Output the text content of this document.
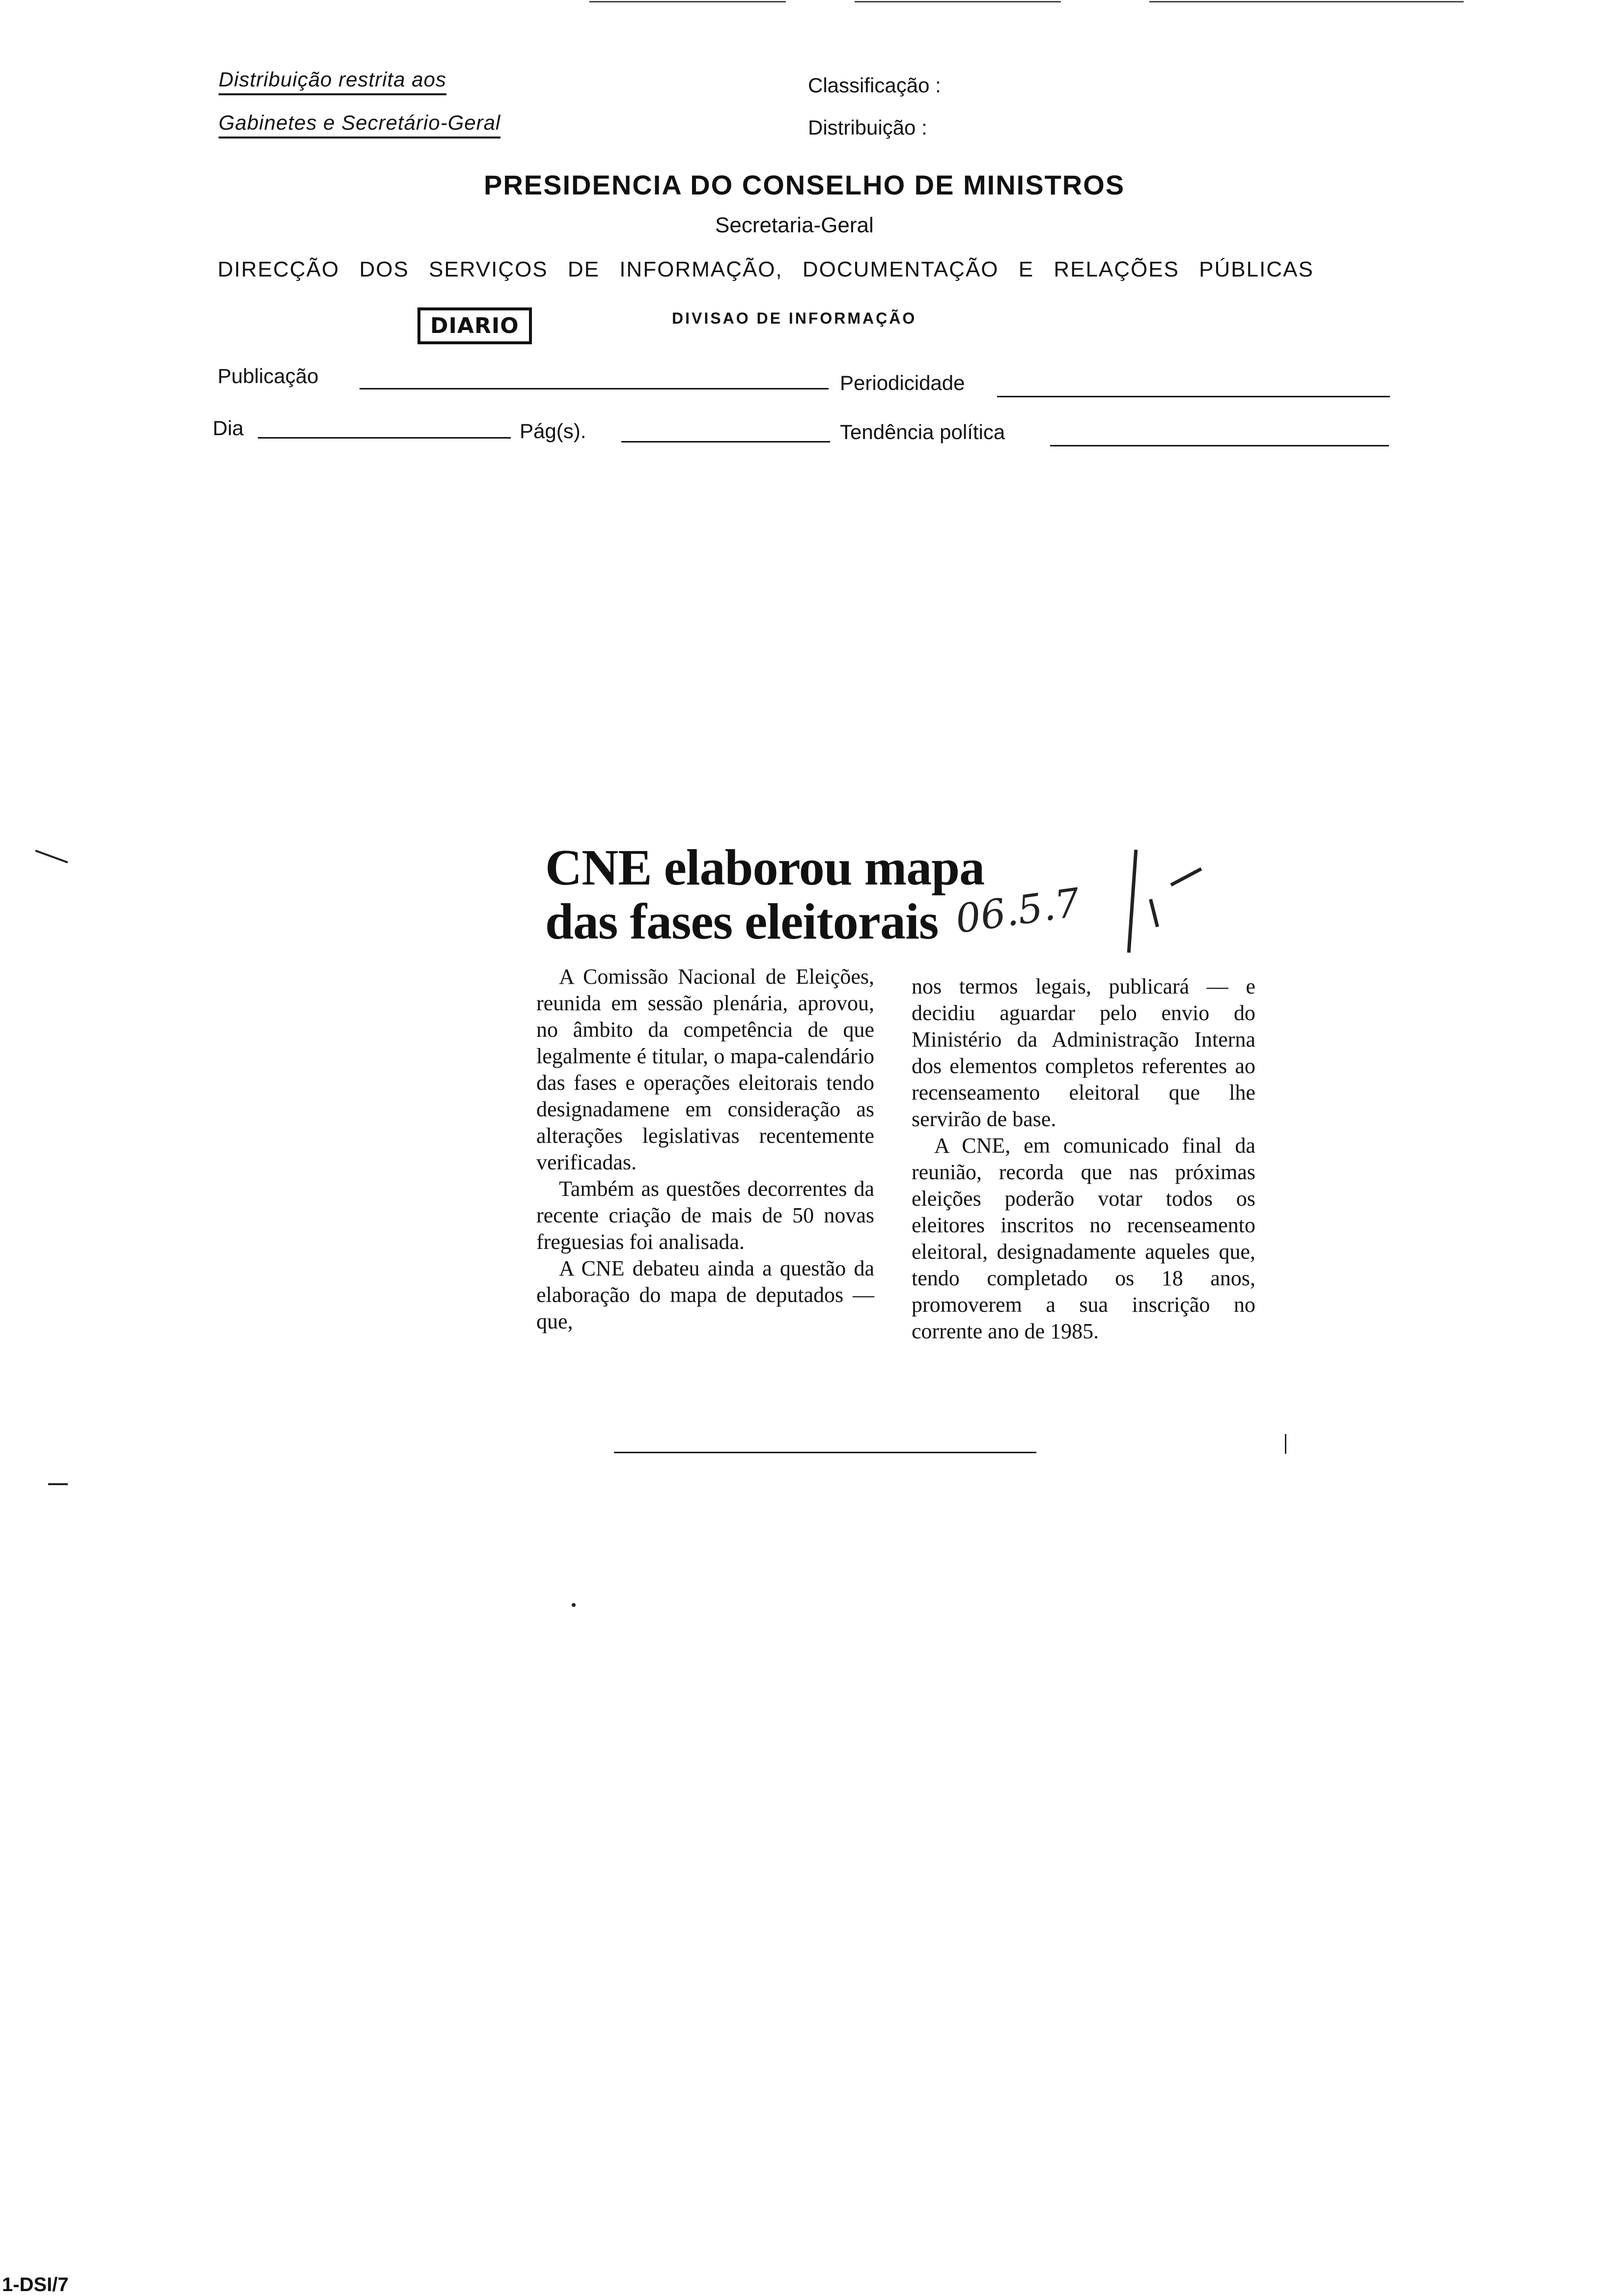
Distribuição restrita aos
Gabinetes e Secretário-Geral
Classificação :
Distribuição :
PRESIDENCIA DO CONSELHO DE MINISTROS
Secretaria-Geral
DIRECÇÃO DOS SERVIÇOS DE INFORMAÇÃO, DOCUMENTAÇÃO E RELAÇÕES PÚBLICAS
DIVISAO DE INFORMAÇÃO
DIARIO
Publicação	Periodicidade
Dia	Pág(s).	Tendência política
CNE elaborou mapa
das fases eleitorais 06.5.7

A Comissão Nacional de Eleições, reunida em sessão plenária, aprovou, no âmbito da competência de que legalmente é titular, o mapa-calendário das fases e operações eleitorais tendo designadamene em consideração as alterações legislativas recentemente verificadas.

Também as questões decorrentes da recente criação de mais de 50 novas freguesias foi analisada.

A CNE debateu ainda a questão da elaboração do mapa de deputados — que,

nos termos legais, publicará — e decidiu aguardar pelo envio do Ministério da Administração Interna dos elementos completos referentes ao recenseamento eleitoral que lhe servirão de base.

A CNE, em comunicado final da reunião, recorda que nas próximas eleições poderão votar todos os eleitores inscritos no recenseamento eleitoral, designadamente aqueles que, tendo completado os 18 anos, promoverem a sua inscrição no corrente ano de 1985.

1-DSI/7
